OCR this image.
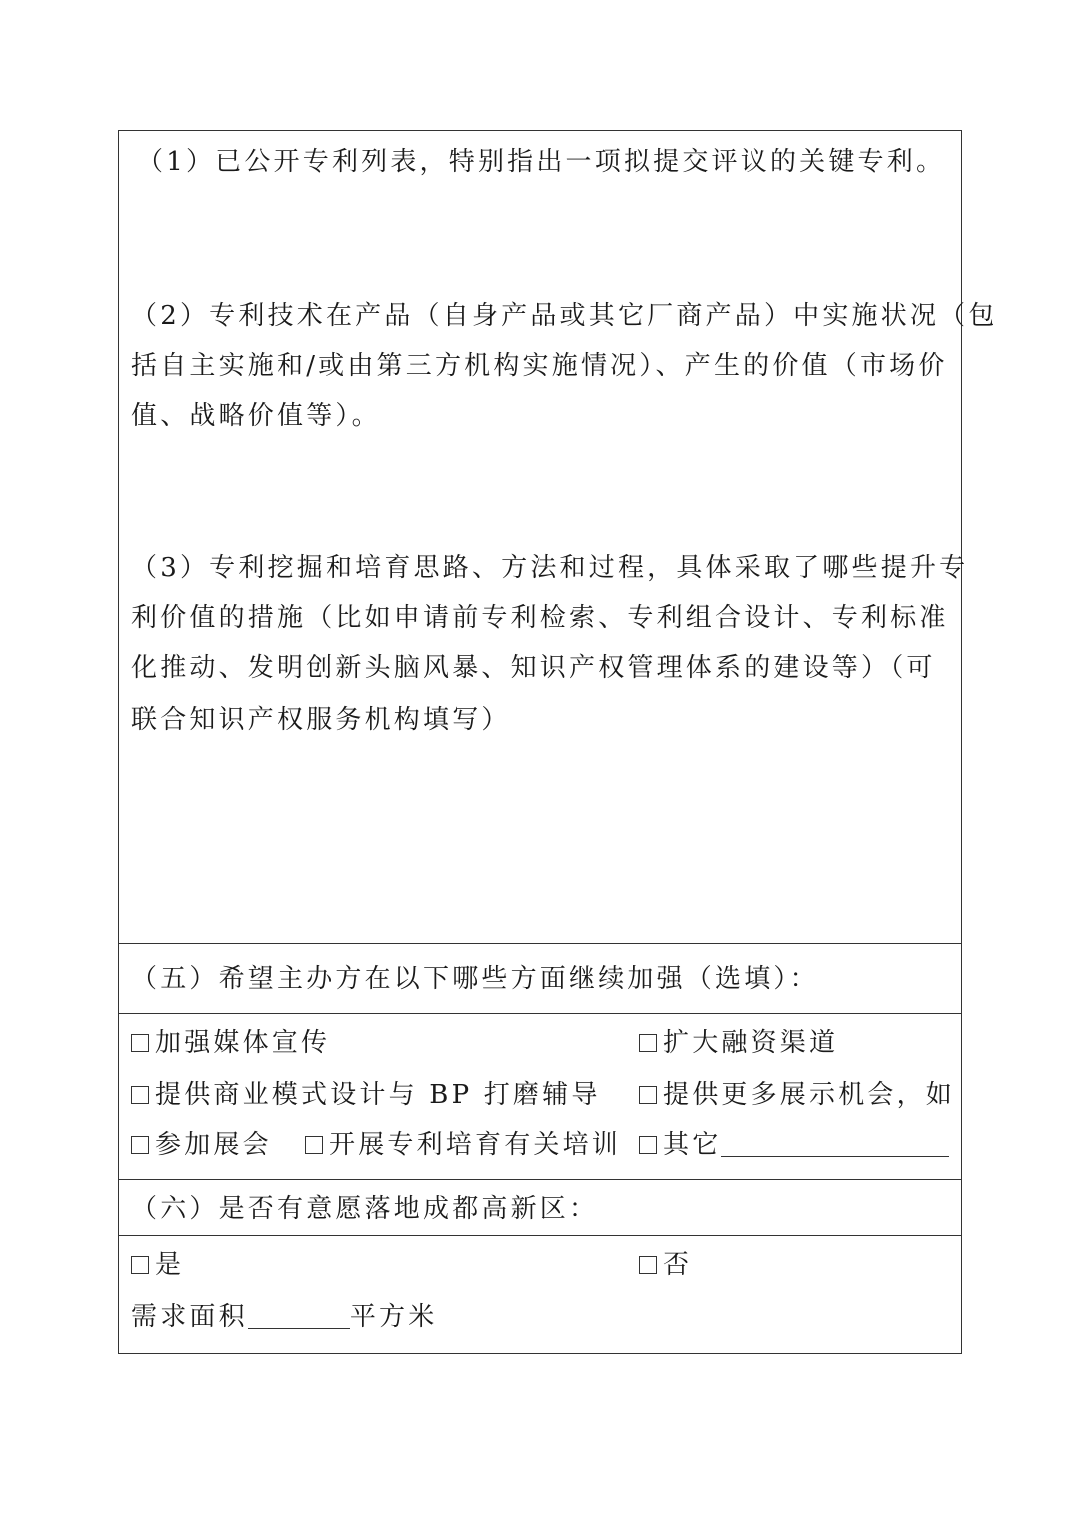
（1）已公开专利列表，特别指出一项拟提交评议的关键专利。
（2）专利技术在产品（自身产品或其它厂商产品）中实施状况（包
括自主实施和/或由第三方机构实施情况）、产生的价值（市场价
值、战略价值等）。
（3）专利挖掘和培育思路、方法和过程，具体采取了哪些提升专
利价值的措施（比如申请前专利检索、专利组合设计、专利标准
化推动、发明创新头脑风暴、知识产权管理体系的建设等）（可
联合知识产权服务机构填写）
（五）希望主办方在以下哪些方面继续加强（选填）：
加强媒体宣传	扩大融资渠道
提供商业模式设计与 BP 打磨辅导	提供更多展示机会，如
参加展会	开展专利培育有关培训	其它
（六）是否有意愿落地成都高新区：
是	否
需求面积	平方米
